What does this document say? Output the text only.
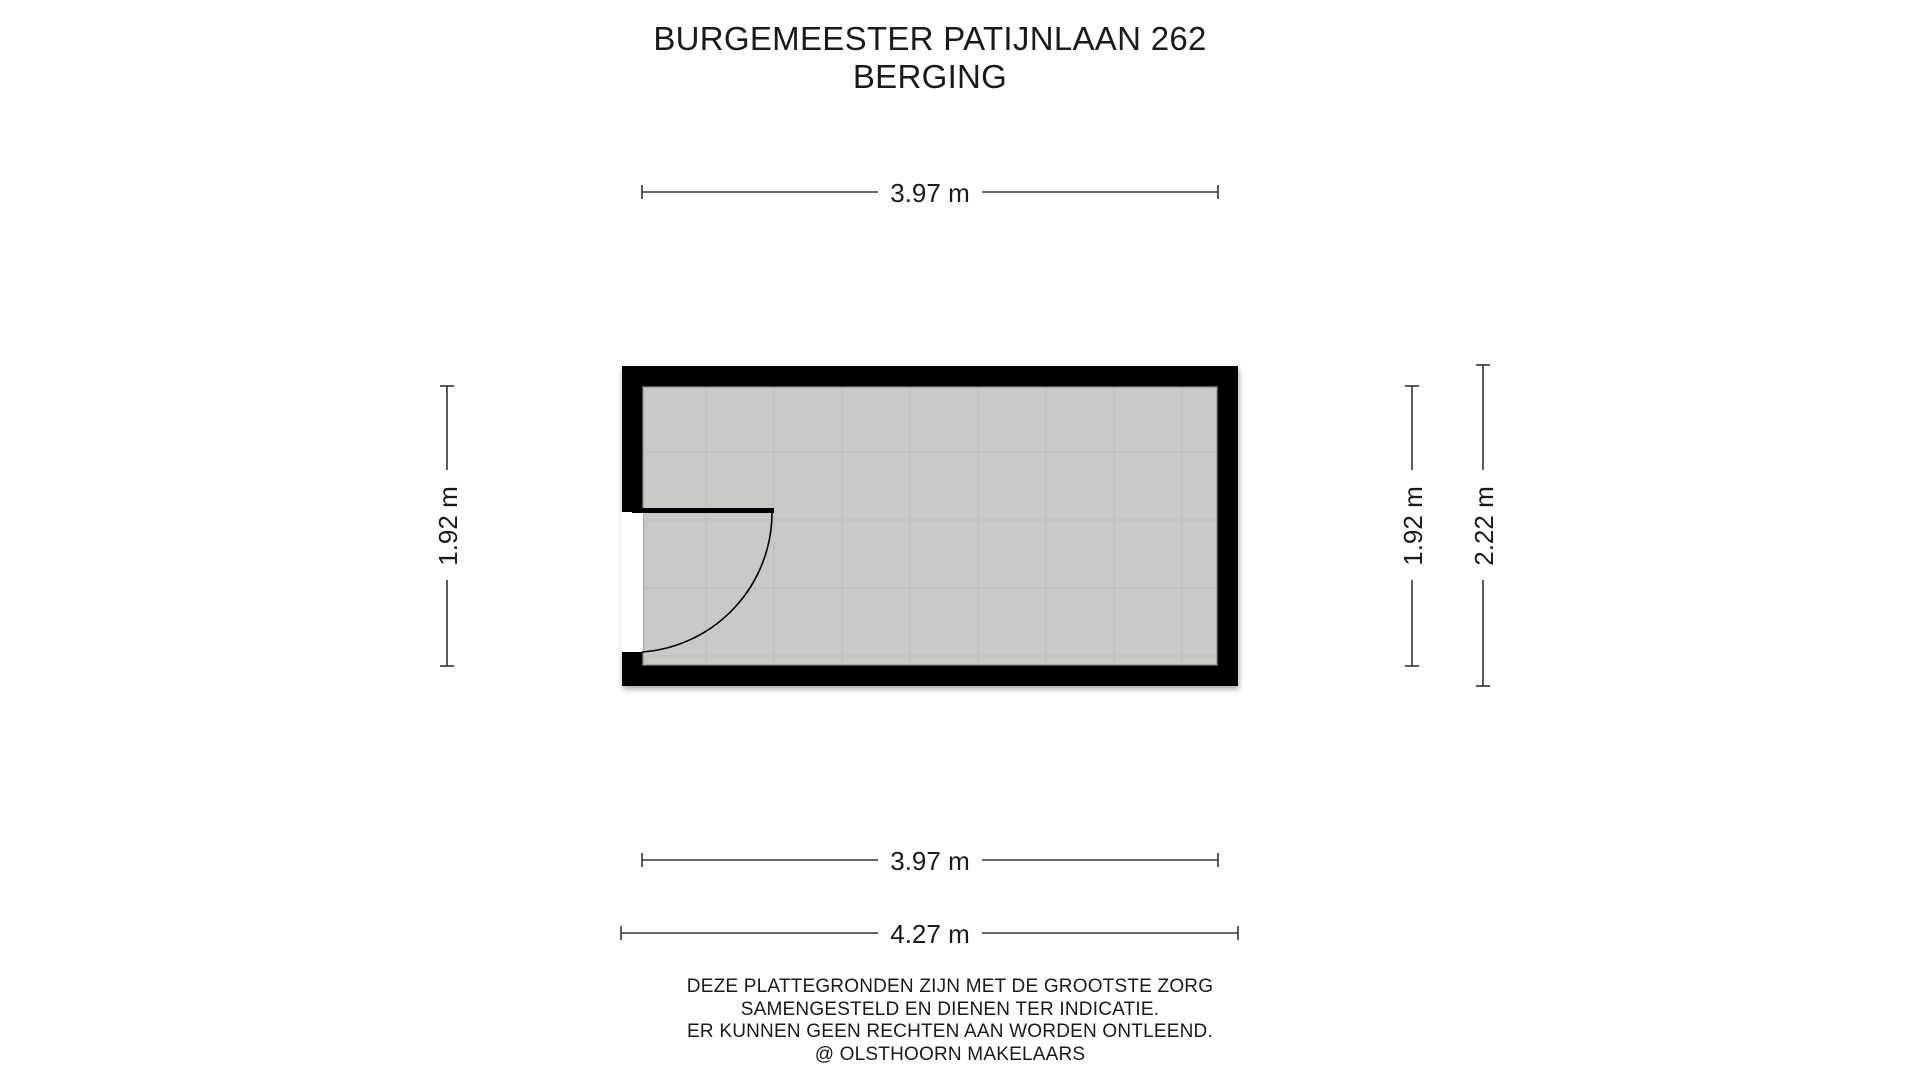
BURGEMEESTER PATIJNLAAN 262
BERGING
3.97 m
3.97 m
4.27 m
1.92 m	1.92 m 2.22 m
DEZE PLATTEGRONDEN ZIJN MET DE GROOTSTE ZORG
SAMENGESTELD EN DIENEN TER INDICATIE.
ER KUNNEN GEEN RECHTEN AAN WORDEN ONTLEEND.
@ OLSTHOORN MAKELAARS
